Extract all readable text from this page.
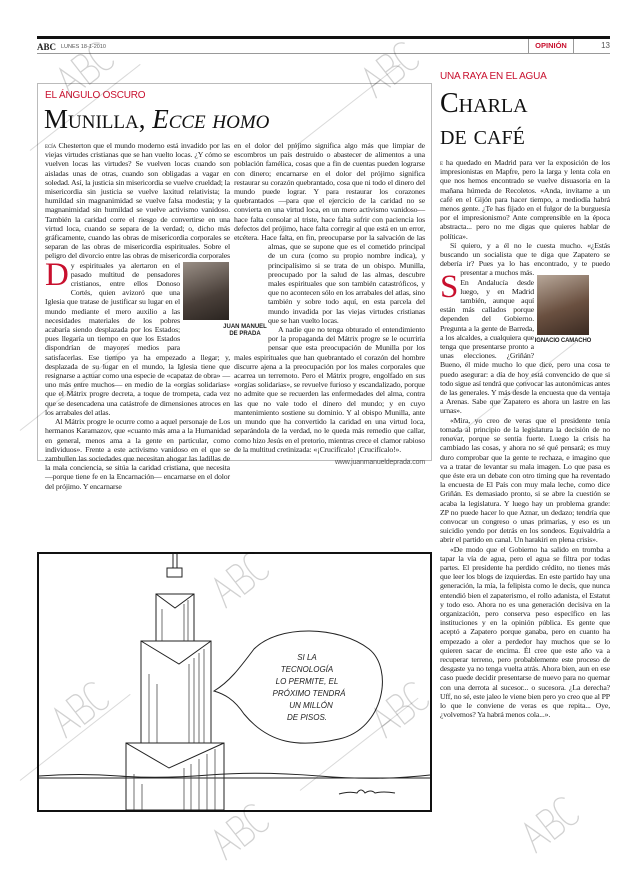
ABC LUNES 18-1-2010	OPINIÓN	13
EL ÁNGULO OSCURO
Munilla, Ecce homo

D
ecía Chesterton que el mundo moderno está invadido por las viejas virtudes cristianas que se han vuelto locas. ¿Y cómo se vuelven locas las virtudes? Se vuelven locas cuando son aisladas unas de otras, cuando son obligadas a vagar en soledad. Así, la justicia sin misericordia se vuelve crueldad; la misericordia sin justicia se vuelve laxitud relativista; la humildad sin magnanimidad se vuelve falsa modestia; y la magnanimidad sin humildad se vuelve activismo vanidoso. También la caridad corre el riesgo de convertirse en una virtud loca, cuando se separa de la verdad; o, dicho más gráficamente, cuando las obras de misericordia corporales se separan de las obras de misericordia espirituales. Sobre el peligro del divorcio entre las obras de misericordia corporales y espirituales ya alertaron en el pasado multitud de pensadores cristianos, entre ellos Donoso Cortés, quien avizoró que una Iglesia que tratase de justificar su lugar en el mundo mediante el mero auxilio a las necesidades materiales de los pobres acabaría siendo desplazada por los Estados; pues llegaría un tiempo en que los Estados dispondrían de mayores medios para satisfacerlas. Ese tiempo ya ha empezado a llegar; y, desplazada de su lugar en el mundo, la Iglesia tiene que resignarse a actuar como una especie de «capataz de obra» —uno más entre muchos— en medio de la «orgías solidarias» que el Mátrix progre decreta, a toque de trompeta, cada vez que se desencadena una catástrofe de dimensiones atroces en los arrabales del atlas.

Al Mátrix progre le ocurre como a aquel personaje de Los hermanos Karamazov, que «cuanto más ama a la Humanidad en general, menos ama a la gente en particular, como individuos». Frente a este activismo vanidoso en el que se zambullen las sociedades que necesitan ahogar las ladillas de la mala conciencia, se sitúa la caridad cristiana, que necesita —porque tiene fe en la Encarnación— encarnarse en el dolor del prójimo. Y encarnarse

en el dolor del prójimo significa algo más que limpiar de escombros un país destruido o abastecer de alimentos a una población famélica, cosas que a fin de cuentas pueden lograrse con dinero; encarnarse en el dolor del prójimo significa restaurar su corazón quebrantado, cosa que ni todo el dinero del mundo puede lograr. Y para restaurar los corazones quebrantados —para que el ejercicio de la caridad no se convierta en una virtud loca, en un mero activismo vanidoso— hace falta consolar al triste, hace falta sufrir con paciencia los defectos del prójimo, hace falta corregir al que está en un error, etcétera. Hace falta, en fin, preocuparse por la salvación de las almas, que se supone que es el cometido principal de un cura (como su propio nombre indica), y principalísimo si se trata de un obispo. Munilla, preocupado por la salud de las almas, descubre males espirituales que son también catastróficos, y que no acontecen sólo en los arrabales del atlas, sino también y sobre todo aquí, en esta parcela del mundo invadida por las viejas virtudes cristianas que se han vuelto locas.

A nadie que no tenga obturado el entendimiento por la propaganda del Mátrix progre se le ocurriría pensar que esta preocupación de Munilla por los males espirituales que han quebrantado el corazón del hombre discurre ajena a la preocupación por los males corporales que acarrea un terremoto. Pero el Mátrix progre, engolfado en sus «orgías solidarias», se revuelve furioso y escandalizado, porque no admite que se recuerden las enfermedades del alma, contra las que no vale todo el dinero del mundo; y en cuyo mantenimiento sostiene su dominio. Y al obispo Munilla, ante un mundo que ha convertido la caridad en una virtud loca, separándola de la verdad, no le queda más remedio que callar, como hizo Jesús en el pretorio, mientras crece el clamor rabioso de la multitud cretinizada: «¡Crucifícalo! ¡Crucifícalo!».

www.juanmanueldeprada.com
JUAN MANUEL DE PRADA
SI LA
TECNOLOGÍA
LO PERMITE, EL
PRÓXIMO TENDRÁ
UN MILLÓN
DE PISOS.
UNA RAYA EN EL AGUA
Charla
de café
IGNACIO CAMACHO

S
e ha quedado en Madrid para ver la exposición de los impresionistas en Mapfre, pero la larga y lenta cola en que nos hemos encontrado se vuelve disuasoria en la mañana húmeda de Recoletos. «Anda, invítame a un café en el Gijón para hacer tiempo, a mediodía habrá menos gente. ¿Te has fijado en el fulgor de la burguesía por el impresionismo? Ante comprensible en la época abstracta... pero no me digas que quieres hablar de política».

Sí quiero, y a él no le cuesta mucho. «¿Estás buscando un socialista que te diga que Zapatero se debería ir? Pues ya lo has encontrado, y te puedo presentar a muchos más. En Andalucía desde luego, y en Madrid también, aunque aquí están más callados porque dependen del Gobierno. Pregunta a la gente de Barreda, a los alcaldes, a cualquiera que tenga que presentarse pronto a unas elecciones. ¿Griñán? Bueno, él mide mucho lo que dice, pero una cosa te puedo asegurar: a día de hoy está convencido de que si todo sigue así tendrá que convocar las autonómicas antes de las generales. Y más desde la encuesta que da ventaja a Arenas. Sabe que Zapatero es ahora un lastre en las urnas».

«Mira, yo creo de veras que el presidente tenía tomada al principio de la legislatura la decisión de no renovar, porque se sentía fuerte. Luego la crisis ha cambiado las cosas, y ahora no sé qué pensará; es muy duro comprobar que la gente te rechaza, e imagino que va a tratar de levantar su mala imagen. Lo que pasa es que éste era un debate con otro timing que ha reventado la encuesta de El País con muy mala leche, como dice Griñán. Es demasiado pronto, si se abre la cuestión se acaba la legislatura. Y luego hay un problema grande: ZP no puede hacer lo que Aznar, un dedazo; tendría que convocar un congreso o unas primarias, y eso es un suicidio yendo por detrás en los sondeos. Equivaldría a abrir el partido en canal. Un harakiri en plena crisis».

«De modo que el Gobierno ha salido en tromba a tapar la vía de agua, pero el agua se filtra por todas partes. El presidente ha perdido crédito, no tienes más que leer los blogs de izquierdas. En este partido hay una generación, la mía, la felipista como le decís, que nunca entendió bien el zapaterismo, el rollo adanista, el Estatut y todo eso. Ahora no es una generación decisiva en la organización, pero conserva peso específico en las instituciones y en la opinión pública. Es gente que aceptó a Zapatero porque ganaba, pero en cuanto ha empezado a oler a perdedor hay muchos que se lo quieren sacar de encima. Él cree que este año va a recuperar terreno, pero probablemente este proceso de desgaste ya no tenga vuelta atrás. Ahora bien, aun en ese caso puede decidir presentarse de nuevo para no quemar con una derrota al sucesor... o sucesora. ¿La derecha? Uff, no sé, este jaleo le viene bien pero yo creo que al PP lo que le conviene de veras es que repita... Oye, ¿volvemos? Ya habrá menos cola...».
